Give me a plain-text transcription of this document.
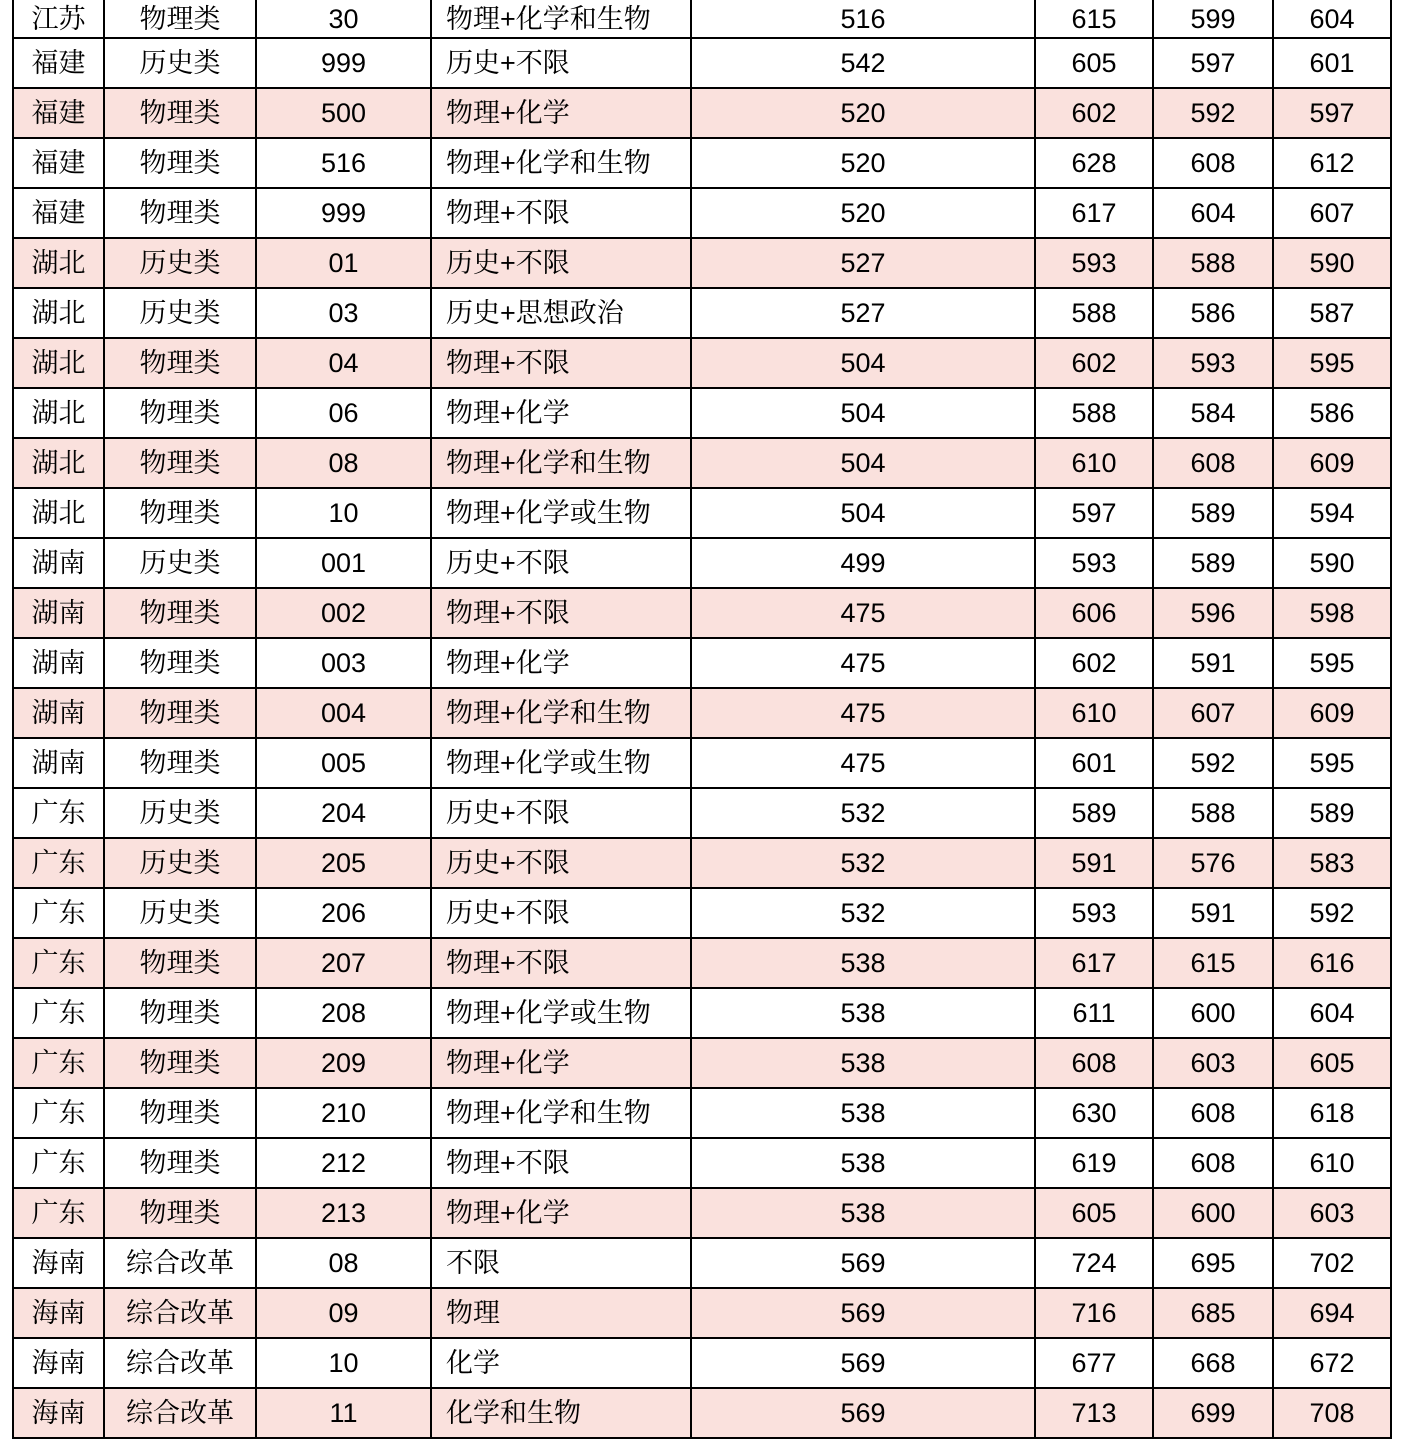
江苏	物理类	30	物理+化学和生物	516	615	599	604
福建	历史类	999	历史+不限	542	605	597	601
福建	物理类	500	物理+化学	520	602	592	597
福建	物理类	516	物理+化学和生物	520	628	608	612
福建	物理类	999	物理+不限	520	617	604	607
湖北	历史类	01	历史+不限	527	593	588	590
湖北	历史类	03	历史+思想政治	527	588	586	587
湖北	物理类	04	物理+不限	504	602	593	595
湖北	物理类	06	物理+化学	504	588	584	586
湖北	物理类	08	物理+化学和生物	504	610	608	609
湖北	物理类	10	物理+化学或生物	504	597	589	594
湖南	历史类	001	历史+不限	499	593	589	590
湖南	物理类	002	物理+不限	475	606	596	598
湖南	物理类	003	物理+化学	475	602	591	595
湖南	物理类	004	物理+化学和生物	475	610	607	609
湖南	物理类	005	物理+化学或生物	475	601	592	595
广东	历史类	204	历史+不限	532	589	588	589
广东	历史类	205	历史+不限	532	591	576	583
广东	历史类	206	历史+不限	532	593	591	592
广东	物理类	207	物理+不限	538	617	615	616
广东	物理类	208	物理+化学或生物	538	611	600	604
广东	物理类	209	物理+化学	538	608	603	605
广东	物理类	210	物理+化学和生物	538	630	608	618
广东	物理类	212	物理+不限	538	619	608	610
广东	物理类	213	物理+化学	538	605	600	603
海南	综合改革	08	不限	569	724	695	702
海南	综合改革	09	物理	569	716	685	694
海南	综合改革	10	化学	569	677	668	672
海南	综合改革	11	化学和生物	569	713	699	708
